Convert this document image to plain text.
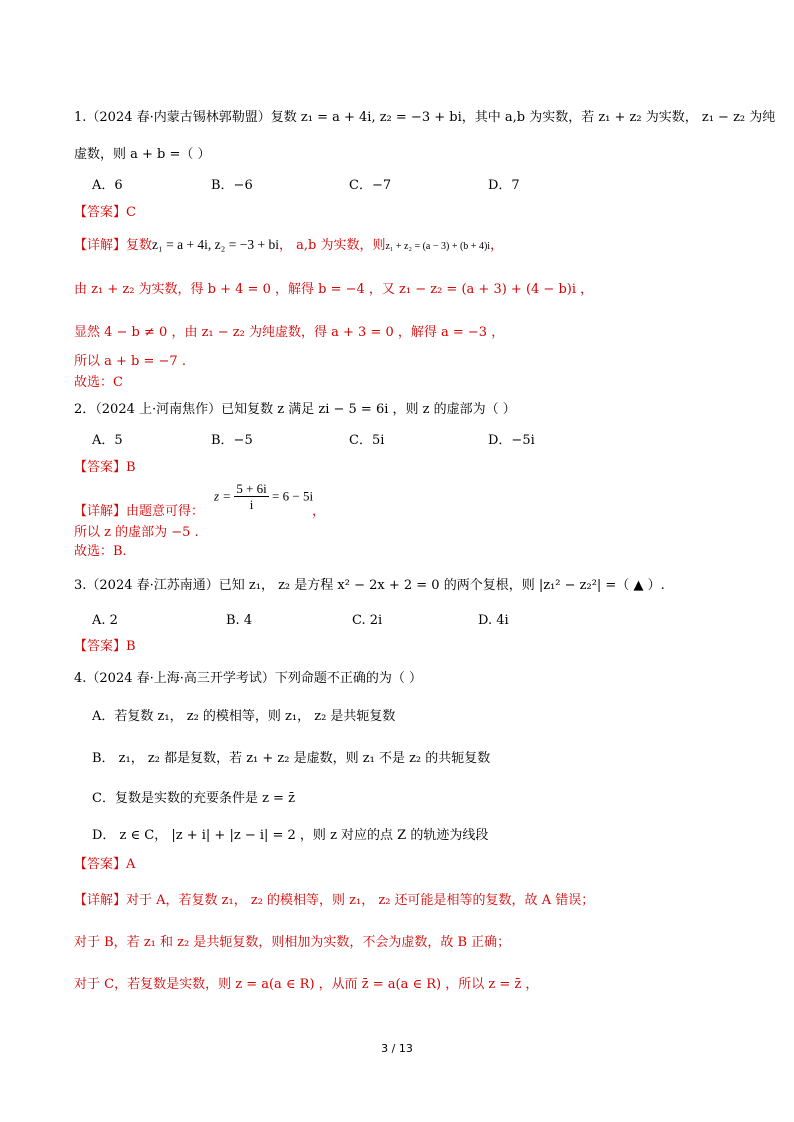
1.（2024 春·内蒙古锡林郭勒盟）复数 z₁ = a + 4i, z₂ = −3 + bi，其中 a,b 为实数，若 z₁ + z₂ 为实数， z₁ − z₂ 为纯
虚数，则 a + b =（ ）
A．6	B．−6	C．−7	D．7
【答案】C
【详解】复数z₁ = a + 4i, z₂ = −3 + bi， a,b 为实数，则z₁ + z₂ = (a − 3) + (b + 4)i，
由 z₁ + z₂ 为实数，得 b + 4 = 0 ，解得 b = −4 ，又 z₁ − z₂ = (a + 3) + (4 − b)i ，
显然 4 − b ≠ 0 ，由 z₁ − z₂ 为纯虚数，得 a + 3 = 0 ，解得 a = −3 ，
所以 a + b = −7 .
故选：C
2．（2024 上·河南焦作）已知复数 z 满足 zi − 5 = 6i ，则 z 的虚部为（ ）
A．5	B．−5	C．5i	D．−5i
【答案】B
【详解】由题意可得：
$z = \frac{5 + 6i}{i} = 6 - 5i$
，
所以 z 的虚部为 −5 .
故选：B.
3.（2024 春·江苏南通）已知 z₁， z₂ 是方程 x² − 2x + 2 = 0 的两个复根，则 |z₁² − z₂²| =（ ▲ ）.
A. 2	B. 4	C. 2i	D. 4i
【答案】B
4.（2024 春·上海·高三开学考试）下列命题不正确的为（ ）
A．若复数 z₁， z₂ 的模相等，则 z₁， z₂ 是共轭复数
B． z₁， z₂ 都是复数，若 z₁ + z₂ 是虚数，则 z₁ 不是 z₂ 的共轭复数
C．复数是实数的充要条件是 z = z̄
D． z ∈ C， |z + i| + |z − i| = 2 ，则 z 对应的点 Z 的轨迹为线段
【答案】A
【详解】对于 A，若复数 z₁， z₂ 的模相等，则 z₁， z₂ 还可能是相等的复数，故 A 错误；
对于 B，若 z₁ 和 z₂ 是共轭复数，则相加为实数，不会为虚数，故 B 正确；
对于 C，若复数是实数，则 z = a(a ∈ R) ，从而 z̄ = a(a ∈ R) ，所以 z = z̄ ，
3 / 13
